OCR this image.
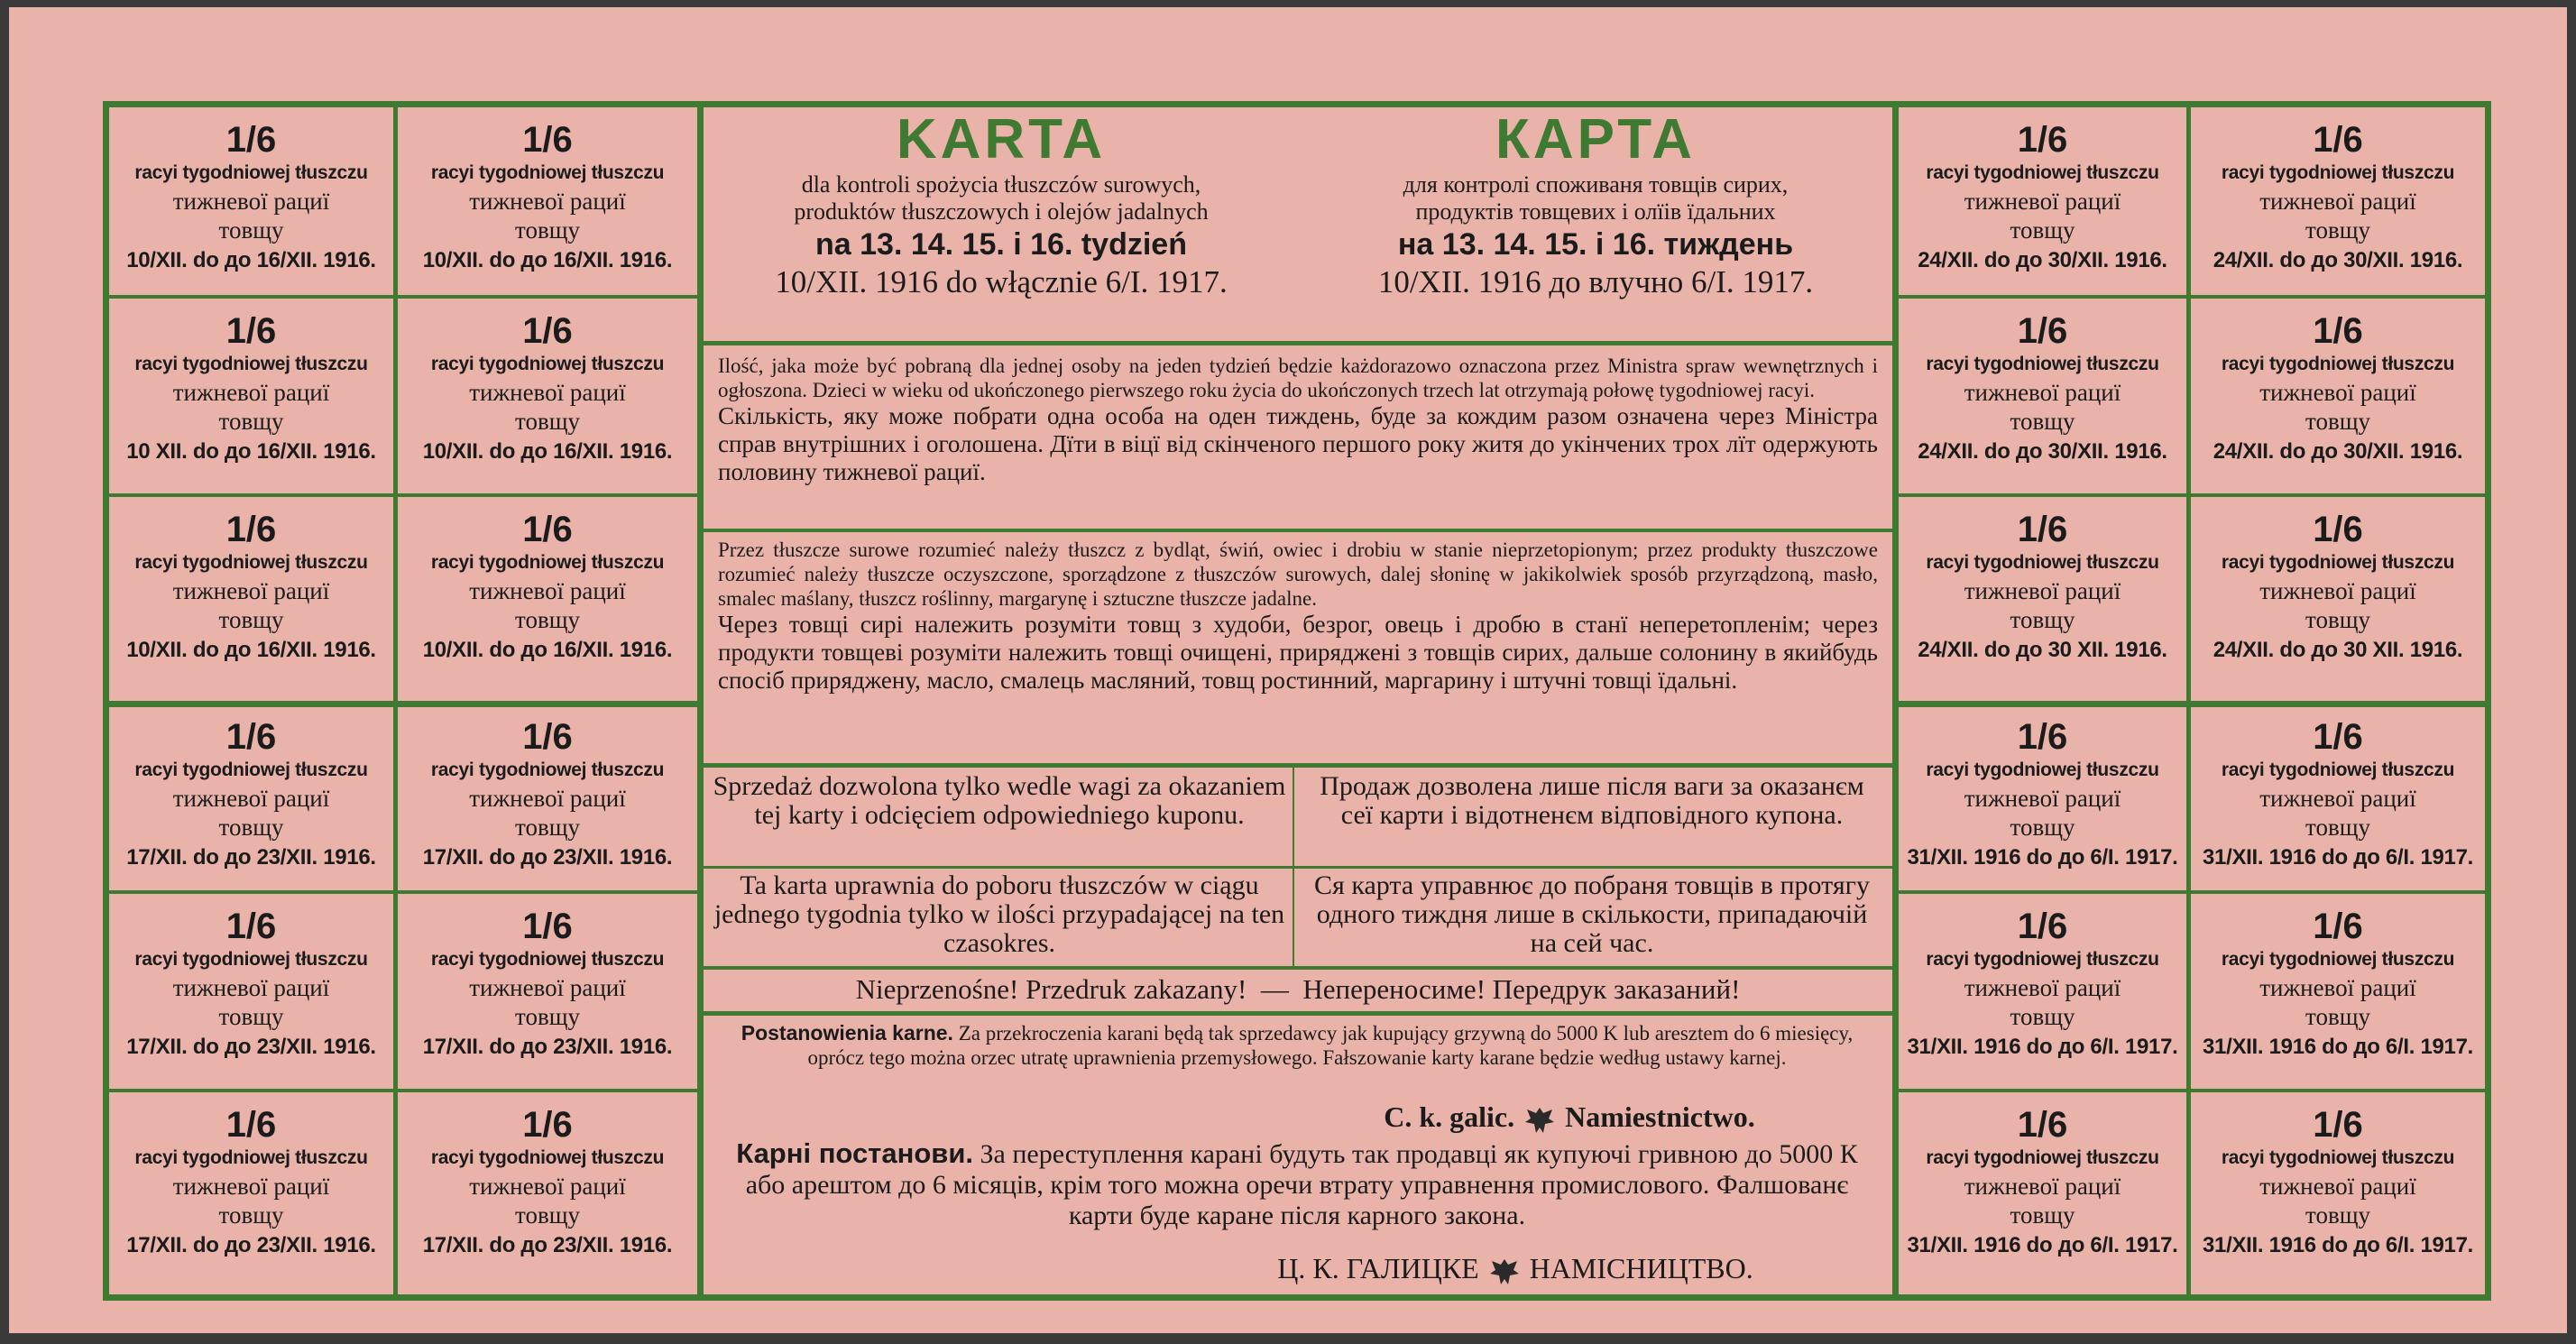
KARTA
dla kontroli spożycia tłuszczów surowych,
produktów tłuszczowych i olejów jadalnych
na 13. 14. 15. i 16. tydzień
10/XII. 1916 do włącznie 6/I. 1917.
КАРТА
для контролі споживаня товщів сирих,
продуктів товщевих і олїів їдальних
на 13. 14. 15. і 16. тиждень
10/XII. 1916 до влучно 6/I. 1917.
Ilość, jaka może być pobraną dla jednej osoby na jeden tydzień będzie każdorazowo oznaczona przez Ministra spraw wewnętrznych i ogłoszona. Dzieci w wieku od ukończonego pierwszego roku życia do ukończonych trzech lat otrzymają połowę tygodniowej racyi.
Скількість, яку може побрати одна особа на оден тиждень, буде за кождим разом означена через Міністра справ внутрішних і оголошена. Дїти в віцї від скінченого першого року житя до укінчених трох лїт одержують половину тижневої рациї.
Przez tłuszcze surowe rozumieć należy tłuszcz z bydląt, świń, owiec i drobiu w stanie nieprzetopionym; przez produkty tłuszczowe rozumieć należy tłuszcze oczyszczone, sporządzone z tłuszczów surowych, dalej słoninę w jakikolwiek sposób przyrządzoną, masło, smalec maślany, tłuszcz roślinny, margarynę i sztuczne tłuszcze jadalne.
Через товщі сирі належить розуміти товщ з худоби, безрог, овець і дробю в станї неперетопленім; через продукти товщеві розуміти належить товщі очищені, приряджені з товщів сирих, дальше солонину в якийбудь спосіб приряджену, масло, смалець масляний, товщ ростинний, маргарину і штучні товщі їдальні.
Sprzedaż dozwolona tylko wedle wagi za okazaniem tej karty i odcięciem odpowiedniego kuponu.
Продаж дозволена лише після ваги за оказанєм сеї карти і відотненєм відповідного купона.
Ta karta uprawnia do poboru tłuszczów w ciągu jednego tygodnia tylko w ilości przypadającej na ten czasokres.
Ся карта управнює до побраня товщів в протягу одного тиждня лише в скількости, припадаючій на сей час.
Nieprzenośne! Przedruk zakazany!  —  Непереносиме! Передрук заказаний!
Postanowienia karne. Za przekroczenia karani będą tak sprzedawcy jak kupujący grzywną do 5000 K lub aresztem do 6 miesięcy, oprócz tego można orzec utratę uprawnienia przemysłowego. Fałszowanie karty karane będzie według ustawy karnej.
C. k. galic. Namiestnictwo.
Карні постанови. За переступлення карані будуть так продавці як купуючі гривною до 5000 К або арештом до 6 місяців, крім того можна оречи втрату управнення промислового. Фалшованє карти буде каране після карного закона.
Ц. К. ГАЛИЦКЕ НАМІСНИЦТВО.
1/6
racyi tygodniowej tłuszczu
тижневої рациї
товщу
10/XII. do до 16/XII. 1916.
1/6
racyi tygodniowej tłuszczu
тижневої рациї
товщу
10/XII. do до 16/XII. 1916.
1/6
racyi tygodniowej tłuszczu
тижневої рациї
товщу
10 XII. do до 16/XII. 1916.
1/6
racyi tygodniowej tłuszczu
тижневої рациї
товщу
10/XII. do до 16/XII. 1916.
1/6
racyi tygodniowej tłuszczu
тижневої рациї
товщу
10/XII. do до 16/XII. 1916.
1/6
racyi tygodniowej tłuszczu
тижневої рациї
товщу
10/XII. do до 16/XII. 1916.
1/6
racyi tygodniowej tłuszczu
тижневої рациї
товщу
17/XII. do до 23/XII. 1916.
1/6
racyi tygodniowej tłuszczu
тижневої рациї
товщу
17/XII. do до 23/XII. 1916.
1/6
racyi tygodniowej tłuszczu
тижневої рациї
товщу
17/XII. do до 23/XII. 1916.
1/6
racyi tygodniowej tłuszczu
тижневої рациї
товщу
17/XII. do до 23/XII. 1916.
1/6
racyi tygodniowej tłuszczu
тижневої рациї
товщу
17/XII. do до 23/XII. 1916.
1/6
racyi tygodniowej tłuszczu
тижневої рациї
товщу
17/XII. do до 23/XII. 1916.
1/6
racyi tygodniowej tłuszczu
тижневої рациї
товщу
24/XII. do до 30/XII. 1916.
1/6
racyi tygodniowej tłuszczu
тижневої рациї
товщу
24/XII. do до 30/XII. 1916.
1/6
racyi tygodniowej tłuszczu
тижневої рациї
товщу
24/XII. do до 30/XII. 1916.
1/6
racyi tygodniowej tłuszczu
тижневої рациї
товщу
24/XII. do до 30/XII. 1916.
1/6
racyi tygodniowej tłuszczu
тижневої рациї
товщу
24/XII. do до 30 XII. 1916.
1/6
racyi tygodniowej tłuszczu
тижневої рациї
товщу
24/XII. do до 30 XII. 1916.
1/6
racyi tygodniowej tłuszczu
тижневої рациї
товщу
31/XII. 1916 do до 6/I. 1917.
1/6
racyi tygodniowej tłuszczu
тижневої рациї
товщу
31/XII. 1916 do до 6/I. 1917.
1/6
racyi tygodniowej tłuszczu
тижневої рациї
товщу
31/XII. 1916 do до 6/I. 1917.
1/6
racyi tygodniowej tłuszczu
тижневої рациї
товщу
31/XII. 1916 do до 6/I. 1917.
1/6
racyi tygodniowej tłuszczu
тижневої рациї
товщу
31/XII. 1916 do до 6/I. 1917.
1/6
racyi tygodniowej tłuszczu
тижневої рациї
товщу
31/XII. 1916 do до 6/I. 1917.
